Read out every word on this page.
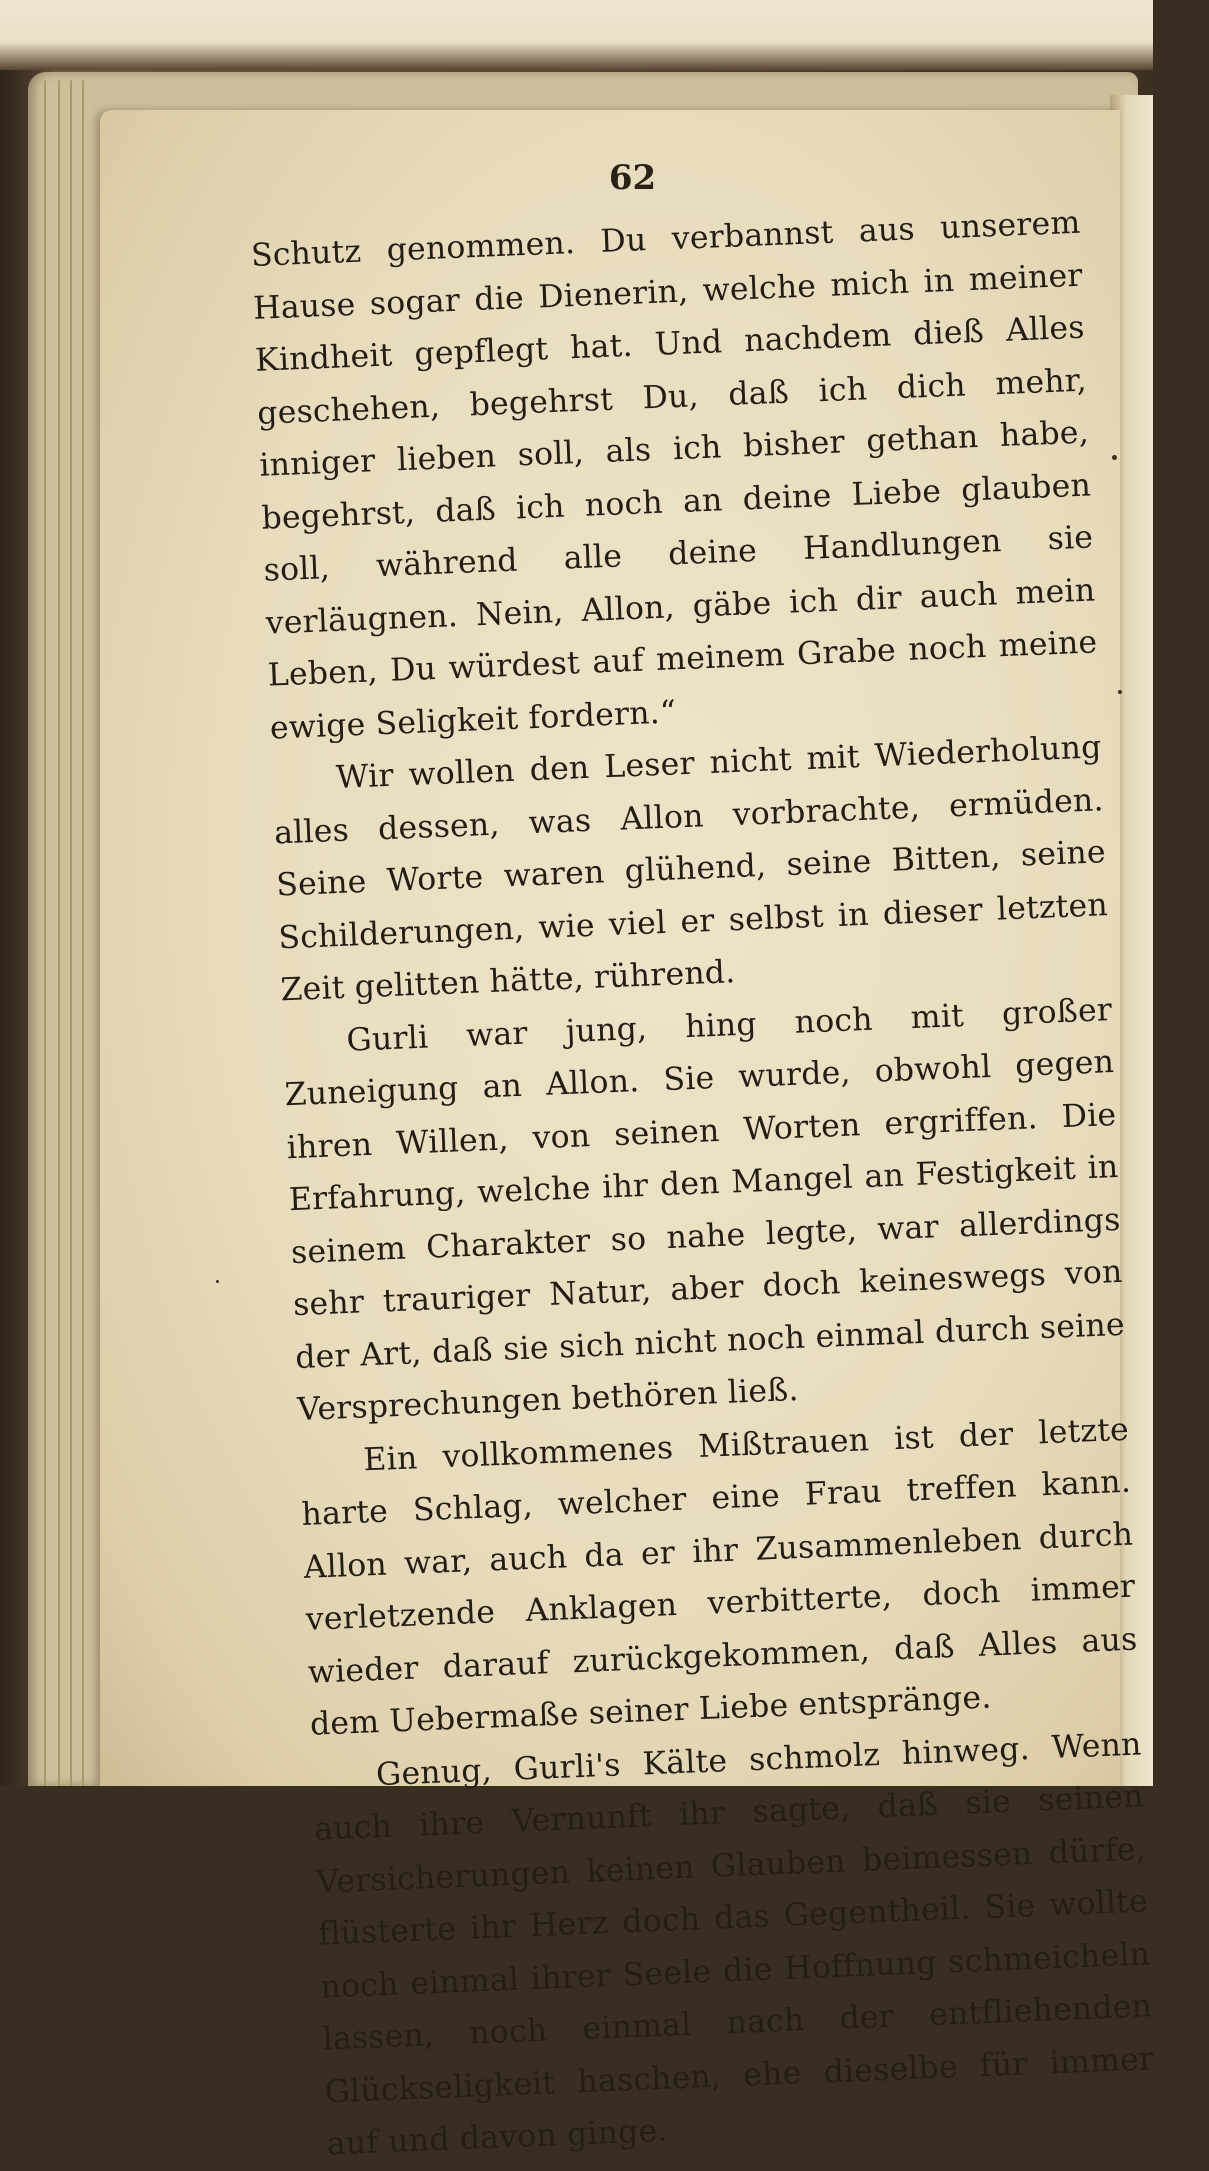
62

Schutz genommen. Du verbannst aus unserem Hause sogar die Dienerin, welche mich in meiner Kindheit gepflegt hat. Und nachdem dieß Alles geschehen, begehrst Du, daß ich dich mehr, inniger lieben soll, als ich bisher gethan habe, begehrst, daß ich noch an deine Liebe glauben soll, während alle deine Handlungen sie verläugnen. Nein, Allon, gäbe ich dir auch mein Leben, Du würdest auf meinem Grabe noch meine ewige Seligkeit fordern.“

Wir wollen den Leser nicht mit Wiederholung alles dessen, was Allon vorbrachte, ermüden. Seine Worte waren glühend, seine Bitten, seine Schilderungen, wie viel er selbst in dieser letzten Zeit gelitten hätte, rührend.

Gurli war jung, hing noch mit großer Zuneigung an Allon. Sie wurde, obwohl gegen ihren Willen, von seinen Worten ergriffen. Die Erfahrung, welche ihr den Mangel an Festigkeit in seinem Charakter so nahe legte, war allerdings sehr trauriger Natur, aber doch keineswegs von der Art, daß sie sich nicht noch einmal durch seine Versprechungen bethören ließ.

Ein vollkommenes Mißtrauen ist der letzte harte Schlag, welcher eine Frau treffen kann. Allon war, auch da er ihr Zusammenleben durch verletzende Anklagen verbitterte, doch immer wieder darauf zurückgekommen, daß Alles aus dem Uebermaße seiner Liebe entspränge.

Genug, Gurli's Kälte schmolz hinweg. Wenn auch ihre Vernunft ihr sagte, daß sie seinen Versicherungen keinen Glauben beimessen dürfe, flüsterte ihr Herz doch das Gegentheil. Sie wollte noch einmal ihrer Seele die Hoffnung schmeicheln lassen, noch einmal nach der entfliehenden Glückseligkeit haschen, ehe dieselbe für immer auf und davon ginge.
